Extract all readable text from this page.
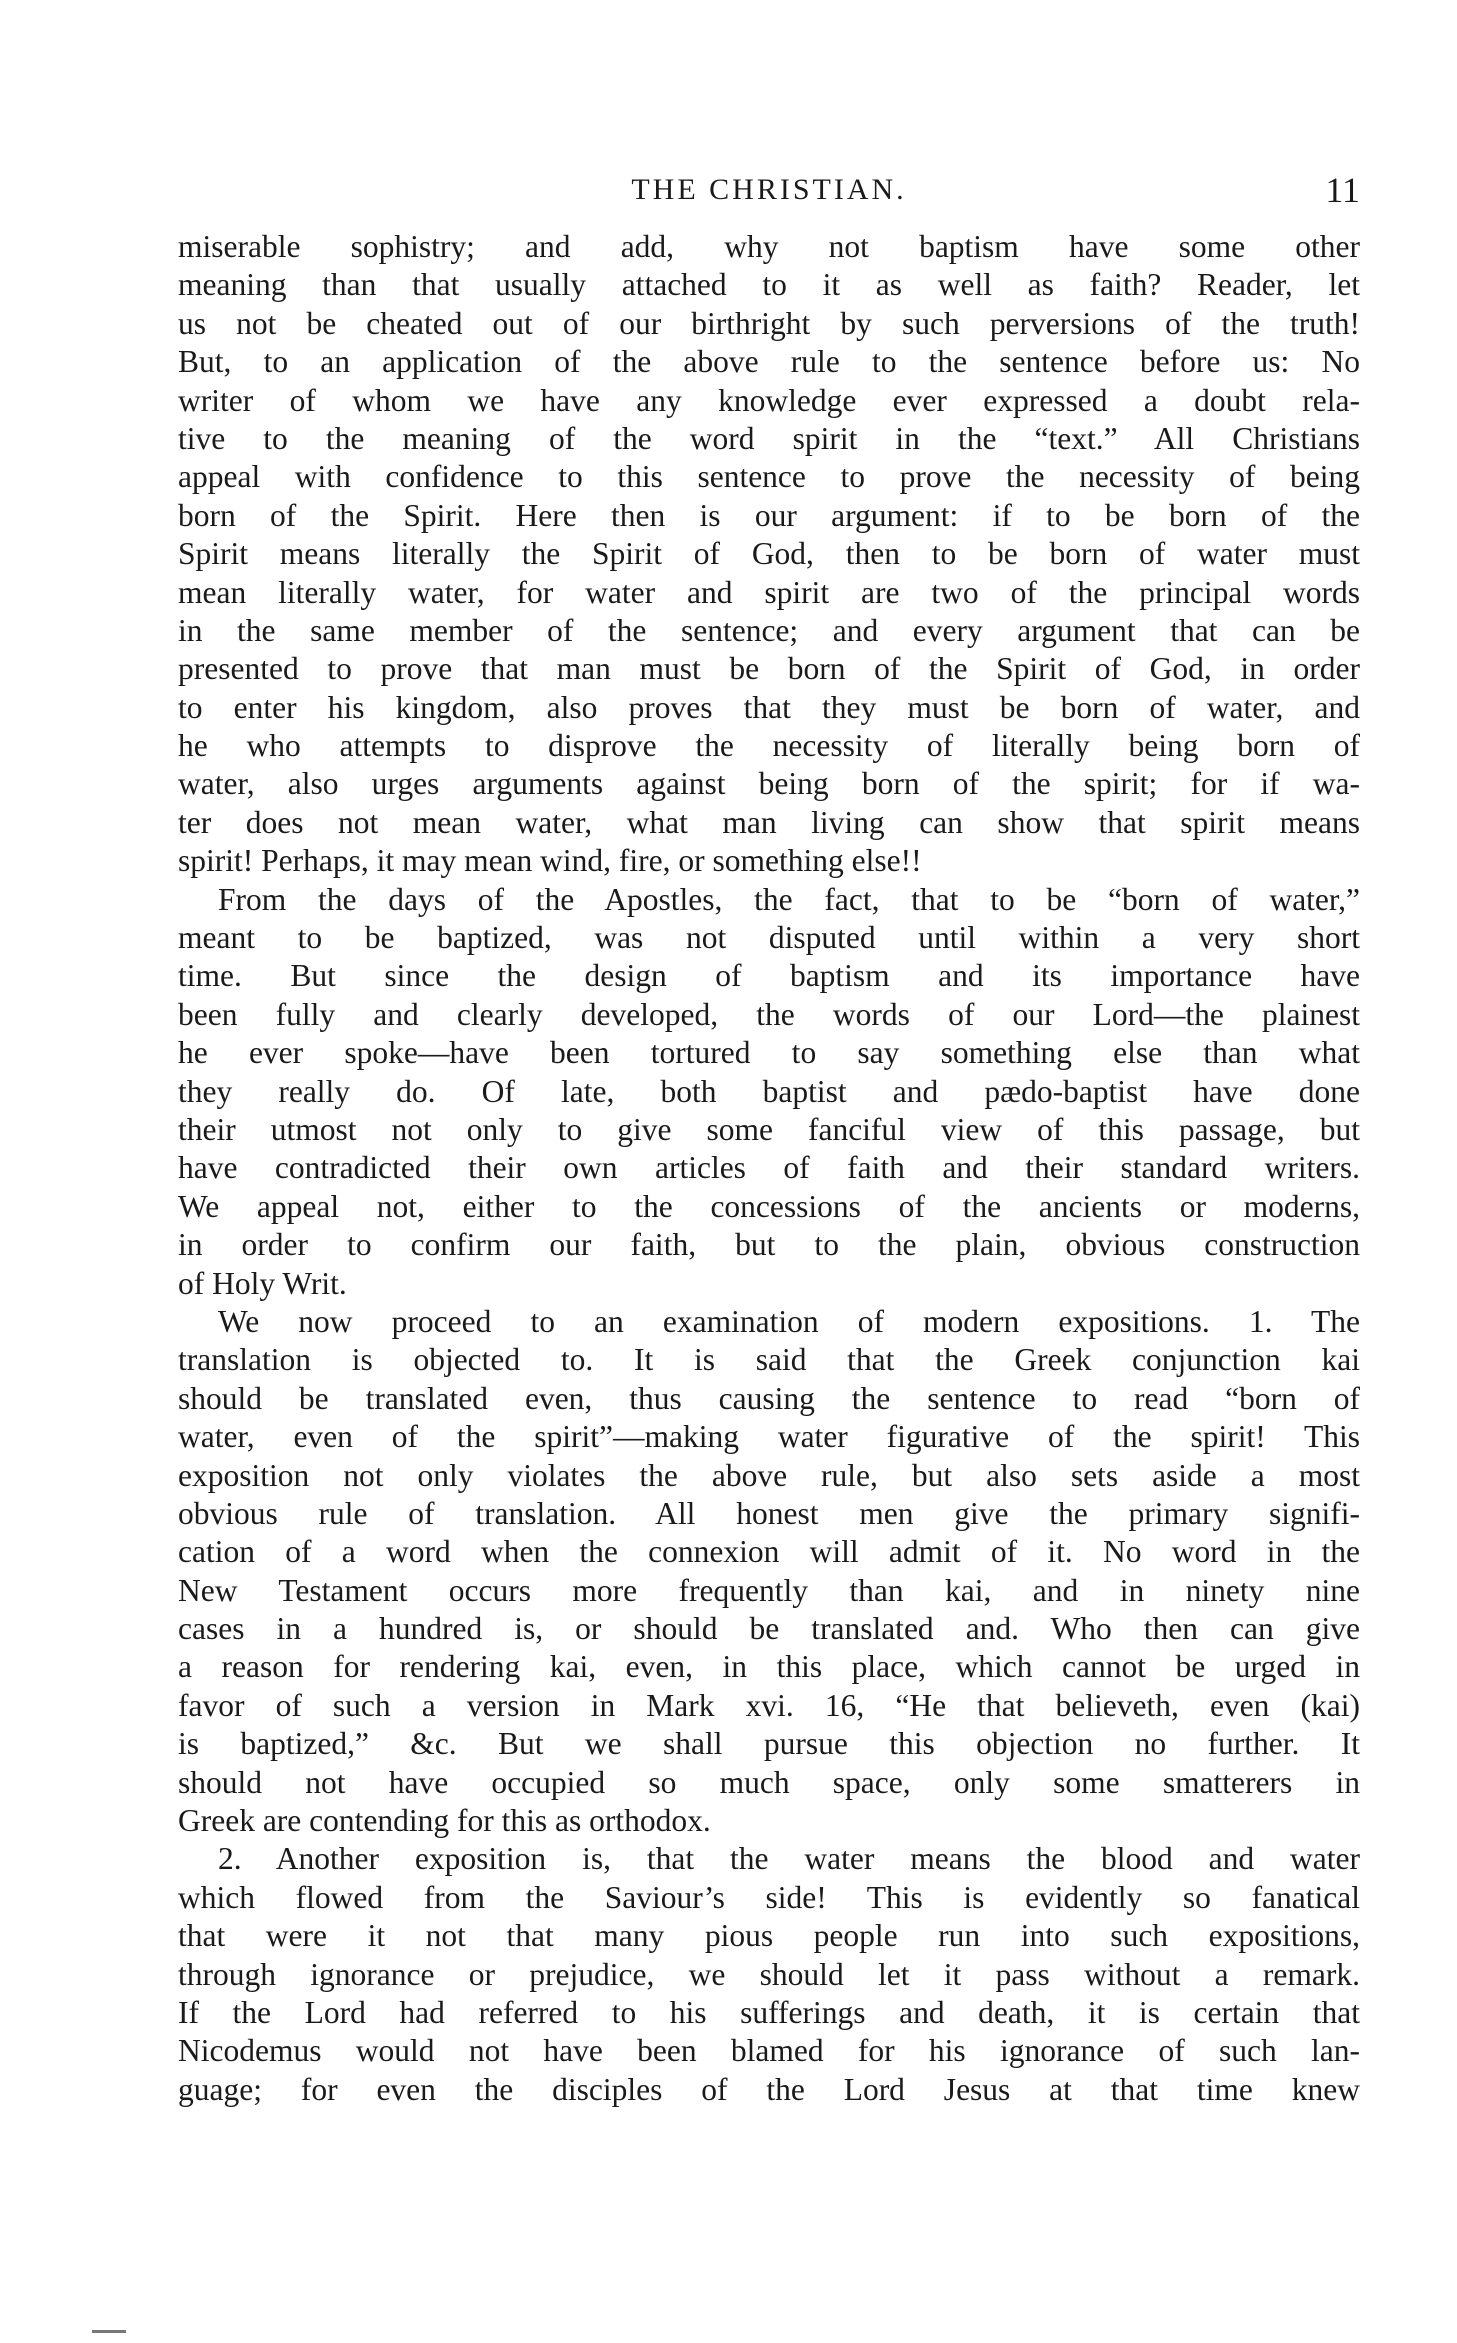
THE CHRISTIAN.	11
miserable sophistry; and add, why not baptism have some other
meaning than that usually attached to it as well as faith? Reader, let
us not be cheated out of our birthright by such perversions of the truth!
But, to an application of the above rule to the sentence before us: No
writer of whom we have any knowledge ever expressed a doubt rela-
tive to the meaning of the word spirit in the “text.” All Christians
appeal with confidence to this sentence to prove the necessity of being
born of the Spirit. Here then is our argument: if to be born of the
Spirit means literally the Spirit of God, then to be born of water must
mean literally water, for water and spirit are two of the principal words
in the same member of the sentence; and every argument that can be
presented to prove that man must be born of the Spirit of God, in order
to enter his kingdom, also proves that they must be born of water, and
he who attempts to disprove the necessity of literally being born of
water, also urges arguments against being born of the spirit; for if wa-
ter does not mean water, what man living can show that spirit means
spirit! Perhaps, it may mean wind, fire, or something else!!
From the days of the Apostles, the fact, that to be “born of water,”
meant to be baptized, was not disputed until within a very short
time. But since the design of baptism and its importance have
been fully and clearly developed, the words of our Lord—the plainest
he ever spoke—have been tortured to say something else than what
they really do. Of late, both baptist and pædo-baptist have done
their utmost not only to give some fanciful view of this passage, but
have contradicted their own articles of faith and their standard writers.
We appeal not, either to the concessions of the ancients or moderns,
in order to confirm our faith, but to the plain, obvious construction
of Holy Writ.
We now proceed to an examination of modern expositions. 1. The
translation is objected to. It is said that the Greek conjunction kai
should be translated even, thus causing the sentence to read “born of
water, even of the spirit”—making water figurative of the spirit! This
exposition not only violates the above rule, but also sets aside a most
obvious rule of translation. All honest men give the primary signifi-
cation of a word when the connexion will admit of it. No word in the
New Testament occurs more frequently than kai, and in ninety nine
cases in a hundred is, or should be translated and. Who then can give
a reason for rendering kai, even, in this place, which cannot be urged in
favor of such a version in Mark xvi. 16, “He that believeth, even (kai)
is baptized,” &c. But we shall pursue this objection no further. It
should not have occupied so much space, only some smatterers in
Greek are contending for this as orthodox.
2. Another exposition is, that the water means the blood and water
which flowed from the Saviour’s side! This is evidently so fanatical
that were it not that many pious people run into such expositions,
through ignorance or prejudice, we should let it pass without a remark.
If the Lord had referred to his sufferings and death, it is certain that
Nicodemus would not have been blamed for his ignorance of such lan-
guage; for even the disciples of the Lord Jesus at that time knew
